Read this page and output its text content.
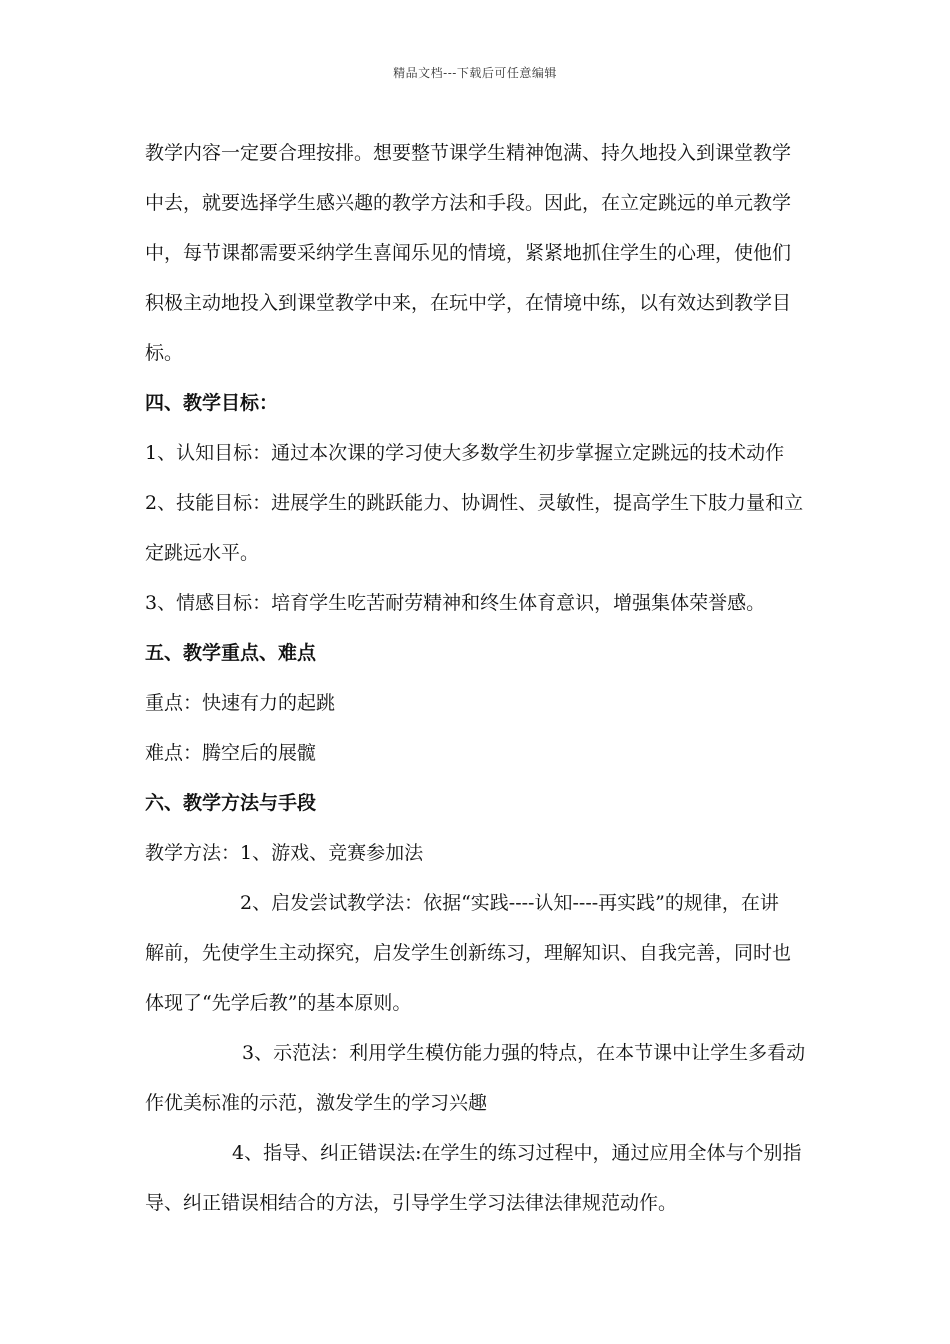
精品文档---下载后可任意编辑
教学内容一定要合理按排。想要整节课学生精神饱满、持久地投入到课堂教学
中去，就要选择学生感兴趣的教学方法和手段。因此，在立定跳远的单元教学
中，每节课都需要采纳学生喜闻乐见的情境，紧紧地抓住学生的心理，使他们
积极主动地投入到课堂教学中来，在玩中学，在情境中练，以有效达到教学目
标。
四、教学目标：
1、认知目标：通过本次课的学习使大多数学生初步掌握立定跳远的技术动作
2、技能目标：进展学生的跳跃能力、协调性、灵敏性，提高学生下肢力量和立
定跳远水平。
3、情感目标：培育学生吃苦耐劳精神和终生体育意识，增强集体荣誉感。
五、教学重点、难点
重点：快速有力的起跳
难点：腾空后的展髋
六、教学方法与手段
教学方法：1、游戏、竞赛参加法
2、启发尝试教学法：依据“实践----认知----再实践”的规律，在讲
解前，先使学生主动探究，启发学生创新练习，理解知识、自我完善，同时也
体现了“先学后教”的基本原则。
3、示范法：利用学生模仿能力强的特点，在本节课中让学生多看动
作优美标准的示范，激发学生的学习兴趣
4、指导、纠正错误法:在学生的练习过程中，通过应用全体与个别指
导、纠正错误相结合的方法，引导学生学习法律法律规范动作。
